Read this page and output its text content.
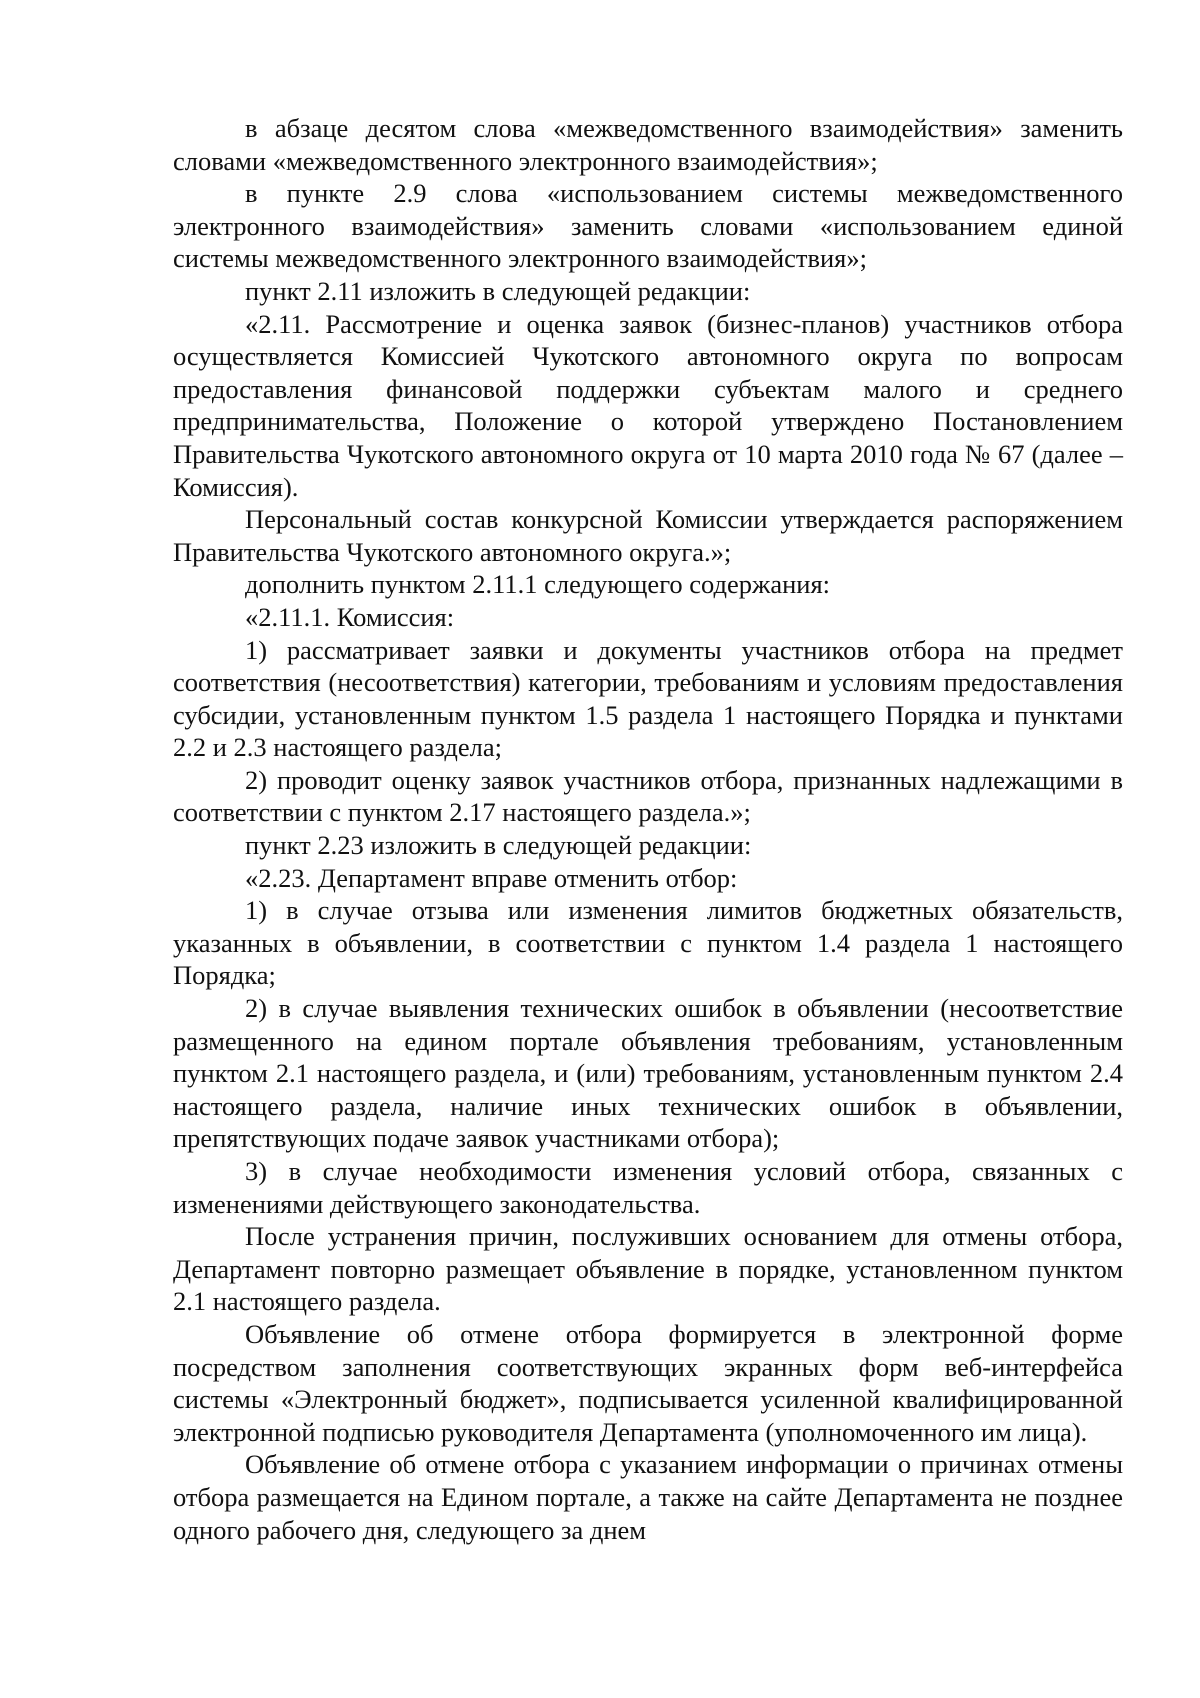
в абзаце десятом слова «межведомственного взаимодействия» заменить словами «межведомственного электронного взаимодействия»;

в пункте 2.9 слова «использованием системы межведомственного электронного взаимодействия» заменить словами «использованием единой системы межведомственного электронного взаимодействия»;

пункт 2.11 изложить в следующей редакции:

«2.11. Рассмотрение и оценка заявок (бизнес-планов) участников отбора осуществляется Комиссией Чукотского автономного округа по вопросам предоставления финансовой поддержки субъектам малого и среднего предпринимательства, Положение о которой утверждено Постановлением Правительства Чукотского автономного округа от 10 марта 2010 года № 67 (далее – Комиссия).

Персональный состав конкурсной Комиссии утверждается распоряжением Правительства Чукотского автономного округа.»;

дополнить пунктом 2.11.1 следующего содержания:

«2.11.1. Комиссия:

1) рассматривает заявки и документы участников отбора на предмет соответствия (несоответствия) категории, требованиям и условиям предоставления субсидии, установленным пунктом 1.5 раздела 1 настоящего Порядка и пунктами 2.2 и 2.3 настоящего раздела;

2) проводит оценку заявок участников отбора, признанных надлежащими в соответствии с пунктом 2.17 настоящего раздела.»;

пункт 2.23 изложить в следующей редакции:

«2.23. Департамент вправе отменить отбор:

1) в случае отзыва или изменения лимитов бюджетных обязательств, указанных в объявлении, в соответствии с пунктом 1.4 раздела 1 настоящего Порядка;

2) в случае выявления технических ошибок в объявлении (несоответствие размещенного на едином портале объявления требованиям, установленным пунктом 2.1 настоящего раздела, и (или) требованиям, установленным пунктом 2.4 настоящего раздела, наличие иных технических ошибок в объявлении, препятствующих подаче заявок участниками отбора);

3) в случае необходимости изменения условий отбора, связанных с изменениями действующего законодательства.

После устранения причин, послуживших основанием для отмены отбора, Департамент повторно размещает объявление в порядке, установленном пунктом 2.1 настоящего раздела.

Объявление об отмене отбора формируется в электронной форме посредством заполнения соответствующих экранных форм веб-интерфейса системы «Электронный бюджет», подписывается усиленной квалифицированной электронной подписью руководителя Департамента (уполномоченного им лица).

Объявление об отмене отбора с указанием информации о причинах отмены отбора размещается на Едином портале, а также на сайте Департамента не позднее одного рабочего дня, следующего за днем
